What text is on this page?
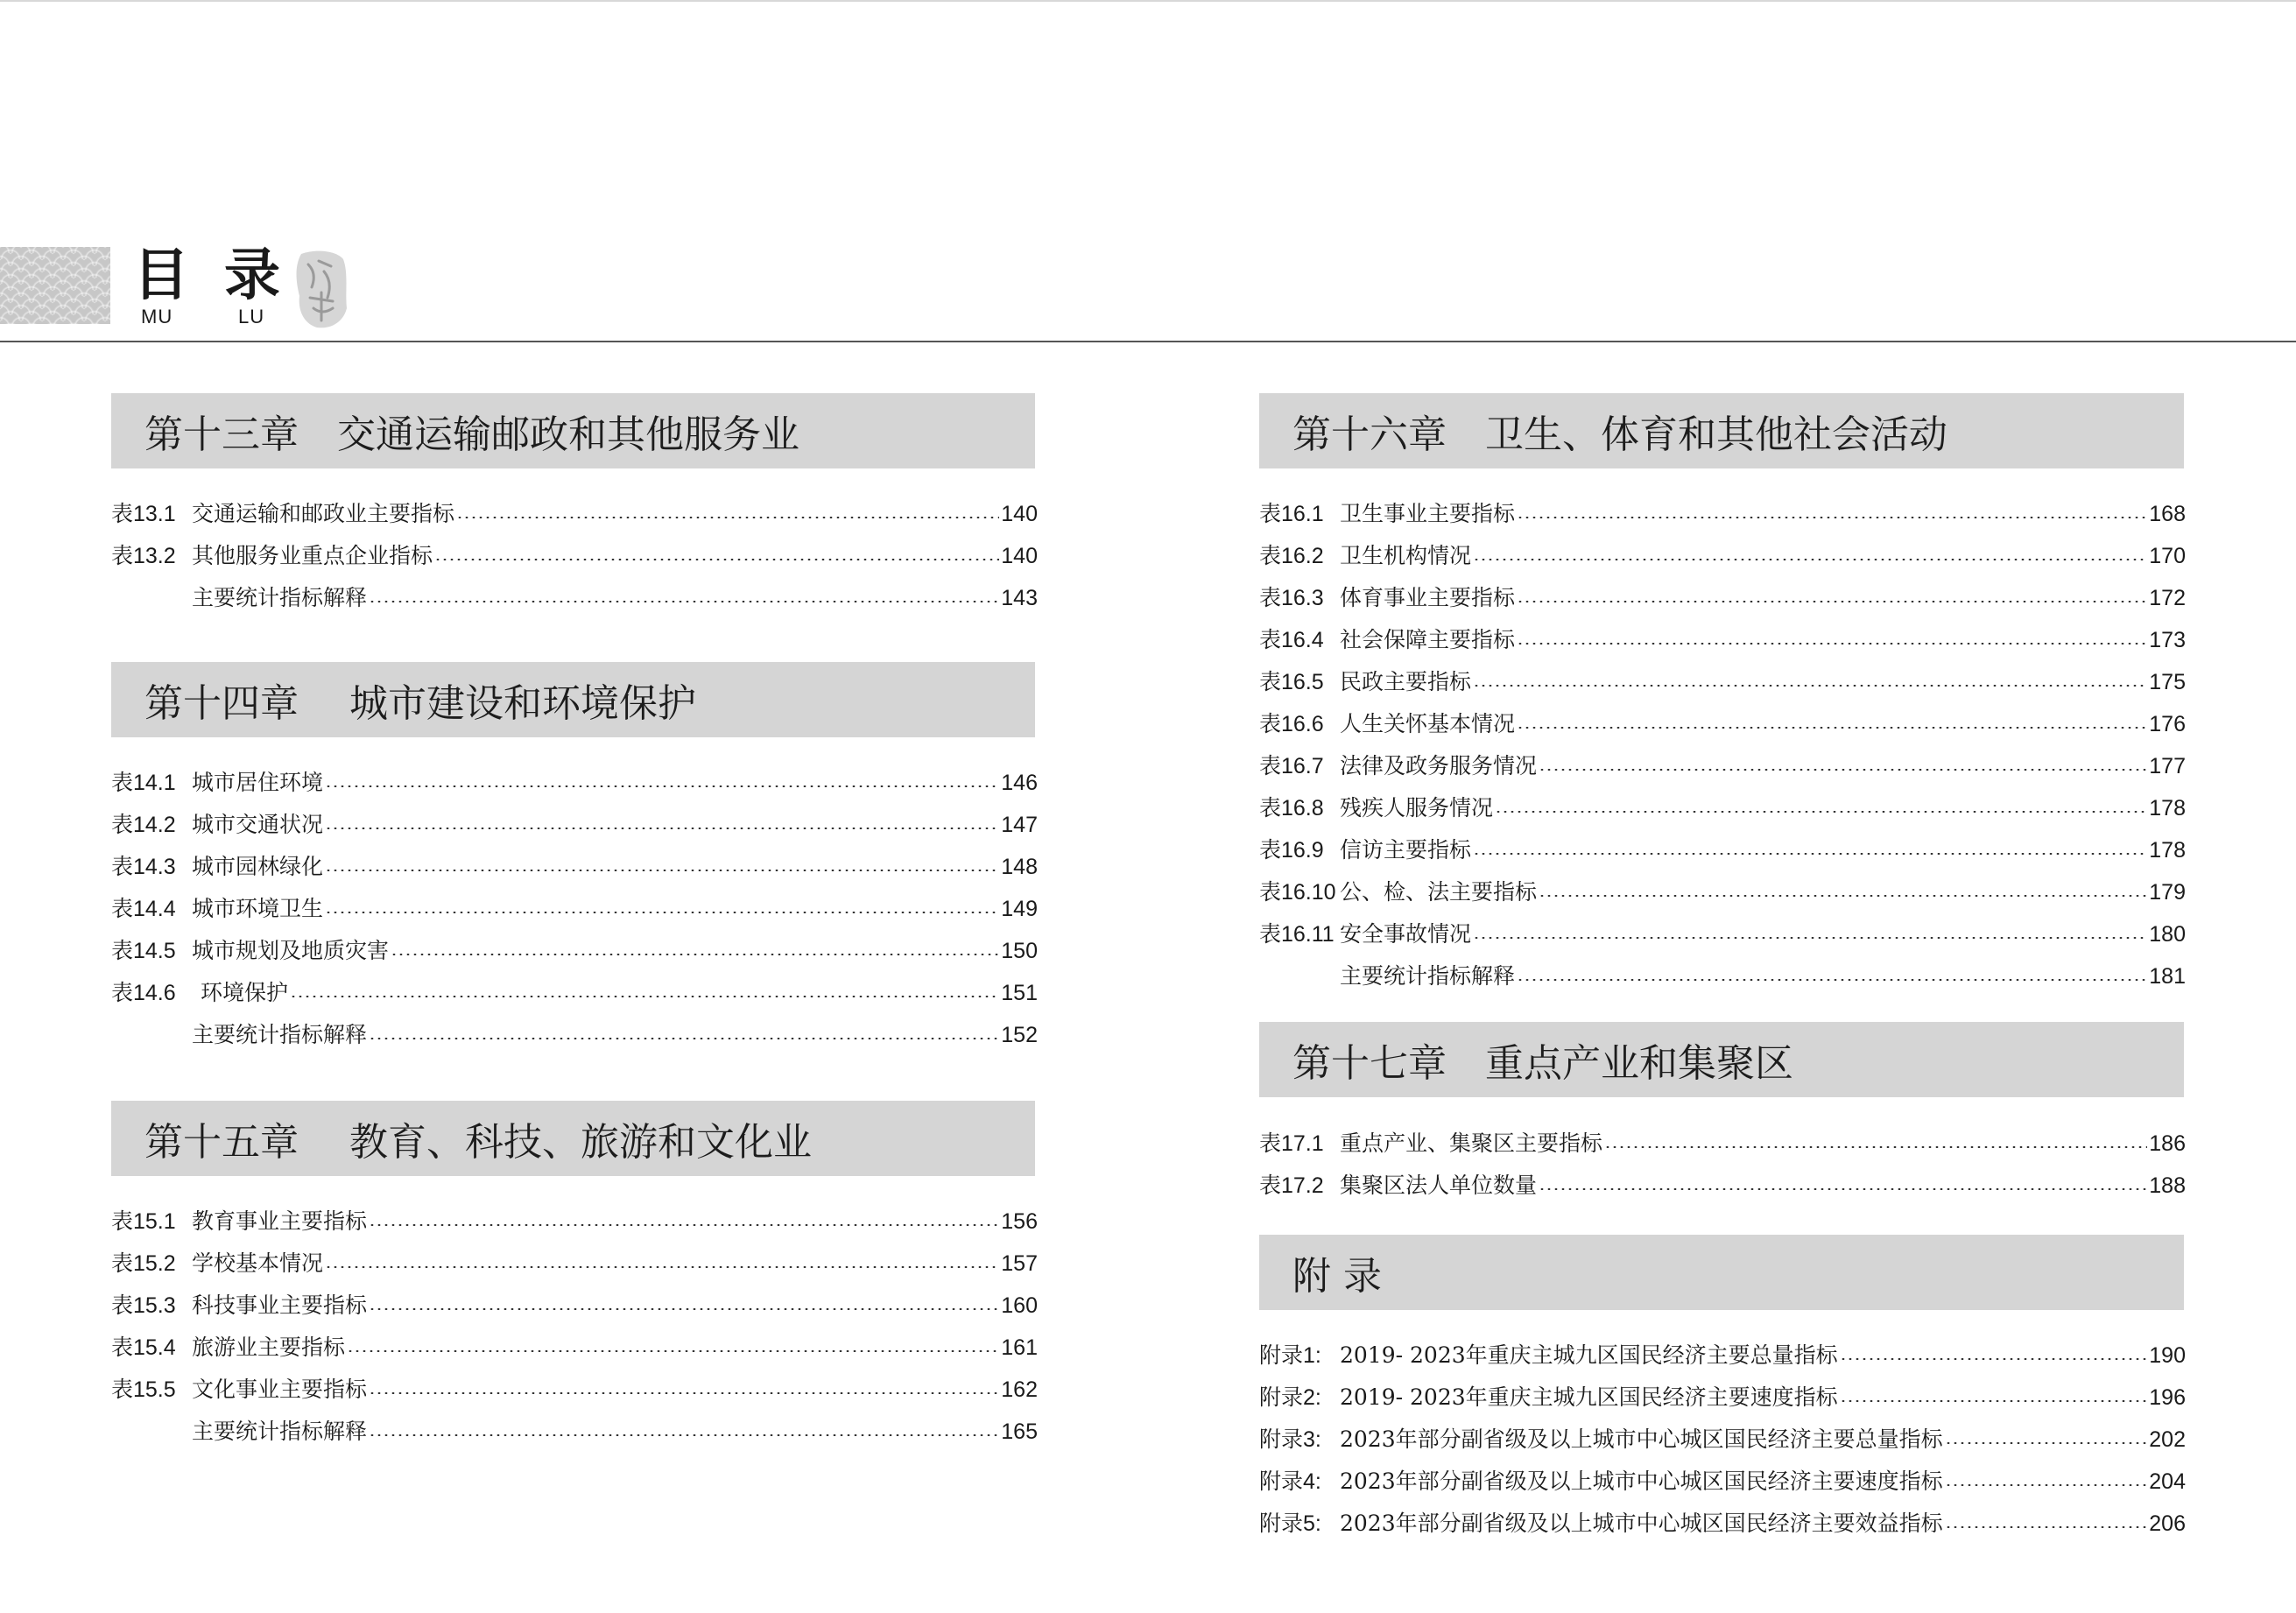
目 录
MU	LU
第十三章　交通运输邮政和其他服务业
表13.1 交通运输和邮政业主要指标	140
表13.2 其他服务业重点企业指标	140
主要统计指标解释	143
第十四章　 城市建设和环境保护
表14.1 城市居住环境	146
表14.2 城市交通状况	147
表14.3 城市园林绿化	148
表14.4 城市环境卫生	149
表14.5 城市规划及地质灾害	150
表14.6	环境保护	151
主要统计指标解释	152
第十五章　 教育、科技、旅游和文化业
表15.1 教育事业主要指标	156
表15.2 学校基本情况	157
表15.3 科技事业主要指标	160
表15.4 旅游业主要指标	161
表15.5 文化事业主要指标	162
主要统计指标解释	165
第十六章　卫生、体育和其他社会活动
表16.1 卫生事业主要指标	168
表16.2 卫生机构情况	170
表16.3 体育事业主要指标	172
表16.4 社会保障主要指标	173
表16.5 民政主要指标	175
表16.6 人生关怀基本情况	176
表16.7 法律及政务服务情况	177
表16.8 残疾人服务情况	178
表16.9 信访主要指标	178
表16.10 公、检、法主要指标	179
表16.11 安全事故情况	180
主要统计指标解释	181
第十七章　重点产业和集聚区
表17.1 重点产业、集聚区主要指标	186
表17.2 集聚区法人单位数量	188
附 录
附录1: 2019- 2023年重庆主城九区国民经济主要总量指标	190
附录2: 2019- 2023年重庆主城九区国民经济主要速度指标	196
附录3: 2023年部分副省级及以上城市中心城区国民经济主要总量指标	202
附录4: 2023年部分副省级及以上城市中心城区国民经济主要速度指标	204
附录5: 2023年部分副省级及以上城市中心城区国民经济主要效益指标	206
